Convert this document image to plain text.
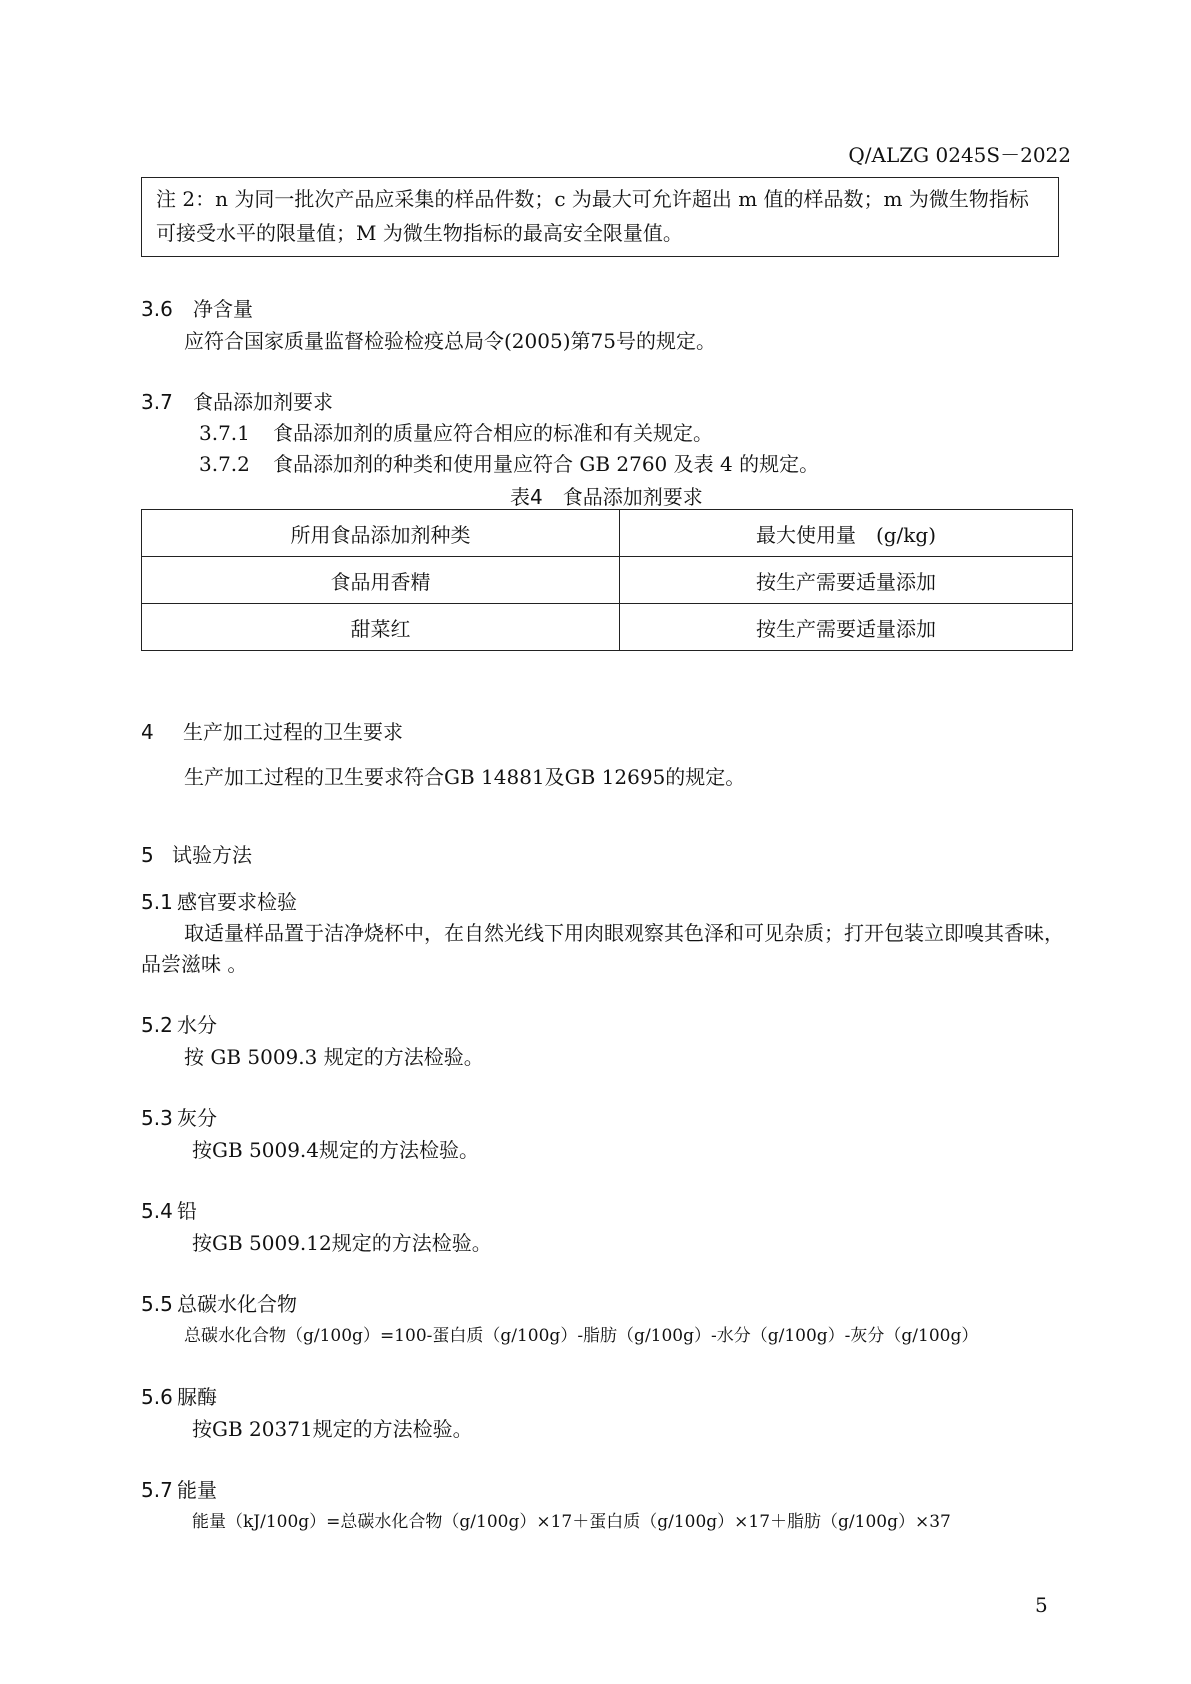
Q/ALZG 0245S－2022
注 2：n 为同一批次产品应采集的样品件数；c 为最大可允许超出 m 值的样品数；m 为微生物指标可接受水平的限量值；M 为微生物指标的最高安全限量值。
3.6 净含量
应符合国家质量监督检验检疫总局令(2005)第75号的规定。
3.7 食品添加剂要求
3.7.1 食品添加剂的质量应符合相应的标准和有关规定。
3.7.2 食品添加剂的种类和使用量应符合 GB 2760 及表 4 的规定。
表4　食品添加剂要求
所用食品添加剂种类	最大使用量　(g/kg)
食品用香精	按生产需要适量添加
甜菜红	按生产需要适量添加
4 生产加工过程的卫生要求
生产加工过程的卫生要求符合GB 14881及GB 12695的规定。
5 试验方法
5.1 感官要求检验
取适量样品置于洁净烧杯中，在自然光线下用肉眼观察其色泽和可见杂质；打开包装立即嗅其香味，
品尝滋味 。
5.2 水分
按 GB 5009.3 规定的方法检验。
5.3 灰分
按GB 5009.4规定的方法检验。
5.4 铅
按GB 5009.12规定的方法检验。
5.5 总碳水化合物
总碳水化合物（g/100g）=100-蛋白质（g/100g）-脂肪（g/100g）-水分（g/100g）-灰分（g/100g）
5.6 脲酶
按GB 20371规定的方法检验。
5.7 能量
能量（kJ/100g）=总碳水化合物（g/100g）×17＋蛋白质（g/100g）×17＋脂肪（g/100g）×37
5
